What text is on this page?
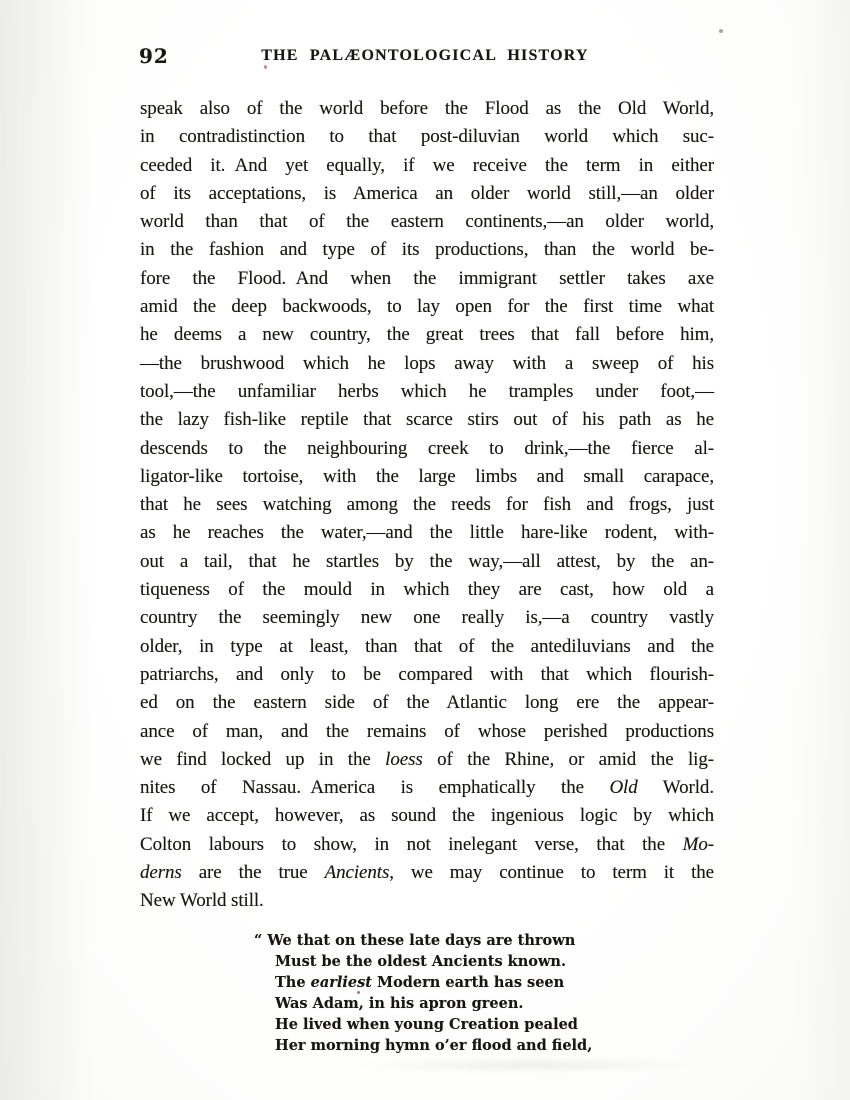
92	THE PALÆONTOLOGICAL HISTORY
speak also of the world before the Flood as the Old World,
in contradistinction to that post-diluvian world which suc-
ceeded it. And yet equally, if we receive the term in either
of its acceptations, is America an older world still,—an older
world than that of the eastern continents,—an older world,
in the fashion and type of its productions, than the world be-
fore the Flood. And when the immigrant settler takes axe
amid the deep backwoods, to lay open for the first time what
he deems a new country, the great trees that fall before him,
—the brushwood which he lops away with a sweep of his
tool,—the unfamiliar herbs which he tramples under foot,—
the lazy fish-like reptile that scarce stirs out of his path as he
descends to the neighbouring creek to drink,—the fierce al-
ligator-like tortoise, with the large limbs and small carapace,
that he sees watching among the reeds for fish and frogs, just
as he reaches the water,—and the little hare-like rodent, with-
out a tail, that he startles by the way,—all attest, by the an-
tiqueness of the mould in which they are cast, how old a
country the seemingly new one really is,—a country vastly
older, in type at least, than that of the antediluvians and the
patriarchs, and only to be compared with that which flourish-
ed on the eastern side of the Atlantic long ere the appear-
ance of man, and the remains of whose perished productions
we find locked up in the loess of the Rhine, or amid the lig-
nites of Nassau. America is emphatically the Old World.
If we accept, however, as sound the ingenious logic by which
Colton labours to show, in not inelegant verse, that the Mo-
derns are the true Ancients, we may continue to term it the
New World still.
“ We that on these late days are thrown
Must be the oldest Ancients known.
The earliest Modern earth has seen
Was Adam, in his apron green.
He lived when young Creation pealed
Her morning hymn o’er flood and field,
